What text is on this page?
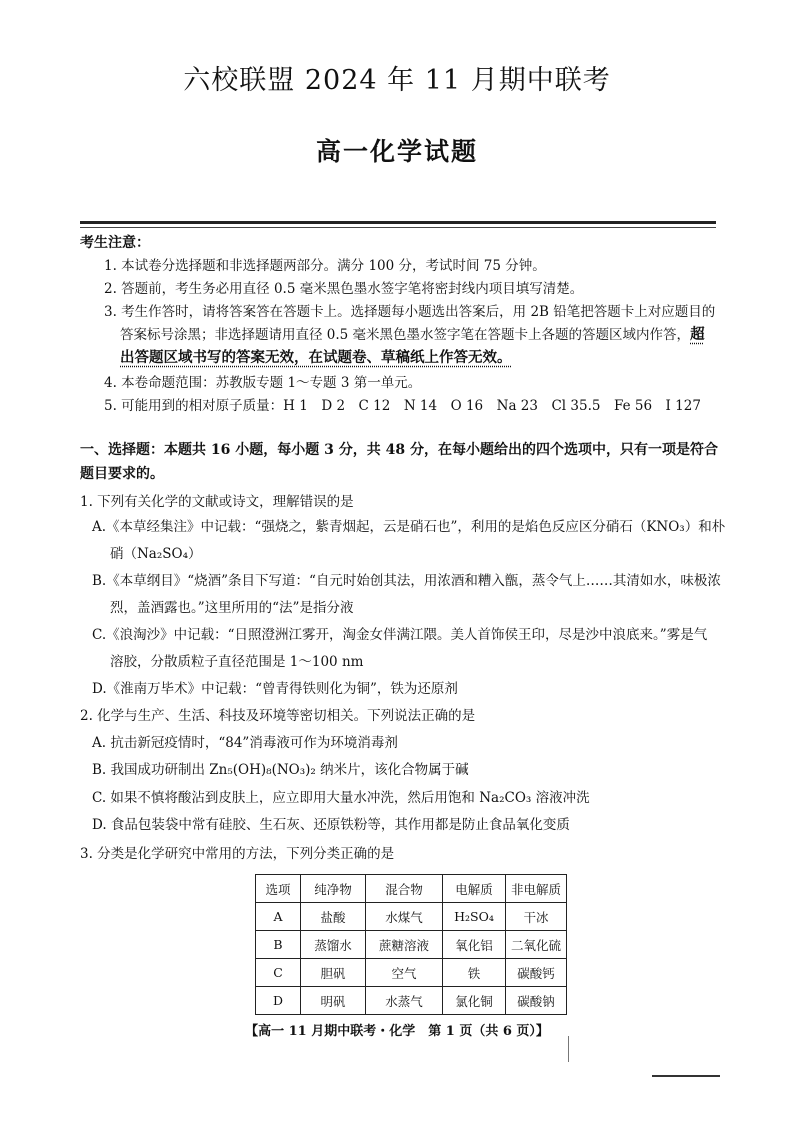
六校联盟 2024 年 11 月期中联考
高一化学试题
考生注意：
1. 本试卷分选择题和非选择题两部分。满分 100 分，考试时间 75 分钟。
2. 答题前，考生务必用直径 0.5 毫米黑色墨水签字笔将密封线内项目填写清楚。
3. 考生作答时，请将答案答在答题卡上。选择题每小题选出答案后，用 2B 铅笔把答题卡上对应题目的
答案标号涂黑；非选择题请用直径 0.5 毫米黑色墨水签字笔在答题卡上各题的答题区域内作答，超
出答题区域书写的答案无效，在试题卷、草稿纸上作答无效。
4. 本卷命题范围：苏教版专题 1～专题 3 第一单元。
5. 可能用到的相对原子质量：H 1　D 2　C 12　N 14　O 16　Na 23　Cl 35.5　Fe 56　I 127
一、选择题：本题共 16 小题，每小题 3 分，共 48 分，在每小题给出的四个选项中，只有一项是符合题目要求的。
1. 下列有关化学的文献或诗文，理解错误的是
A.《本草经集注》中记载：“强烧之，紫青烟起，云是硝石也”，利用的是焰色反应区分硝石（KNO₃）和朴
硝（Na₂SO₄）
B.《本草纲目》“烧酒”条目下写道：“自元时始创其法，用浓酒和糟入甑，蒸令气上……其清如水，味极浓
烈，盖酒露也。”这里所用的“法”是指分液
C.《浪淘沙》中记载：“日照澄洲江雾开，淘金女伴满江隈。美人首饰侯王印，尽是沙中浪底来。”雾是气
溶胶，分散质粒子直径范围是 1～100 nm
D.《淮南万毕术》中记载：“曾青得铁则化为铜”，铁为还原剂
2. 化学与生产、生活、科技及环境等密切相关。下列说法正确的是
A. 抗击新冠疫情时，“84”消毒液可作为环境消毒剂
B. 我国成功研制出 Zn₅(OH)₈(NO₃)₂ 纳米片，该化合物属于碱
C. 如果不慎将酸沾到皮肤上，应立即用大量水冲洗，然后用饱和 Na₂CO₃ 溶液冲洗
D. 食品包装袋中常有硅胶、生石灰、还原铁粉等，其作用都是防止食品氧化变质
3. 分类是化学研究中常用的方法，下列分类正确的是
选项	纯净物	混合物	电解质	非电解质
A	盐酸	水煤气	H₂SO₄	干冰
B	蒸馏水	蔗糖溶液	氧化铝	二氧化硫
C	胆矾	空气	铁	碳酸钙
D	明矾	水蒸气	氯化铜	碳酸钠
【高一 11 月期中联考・化学　第 1 页（共 6 页）】
